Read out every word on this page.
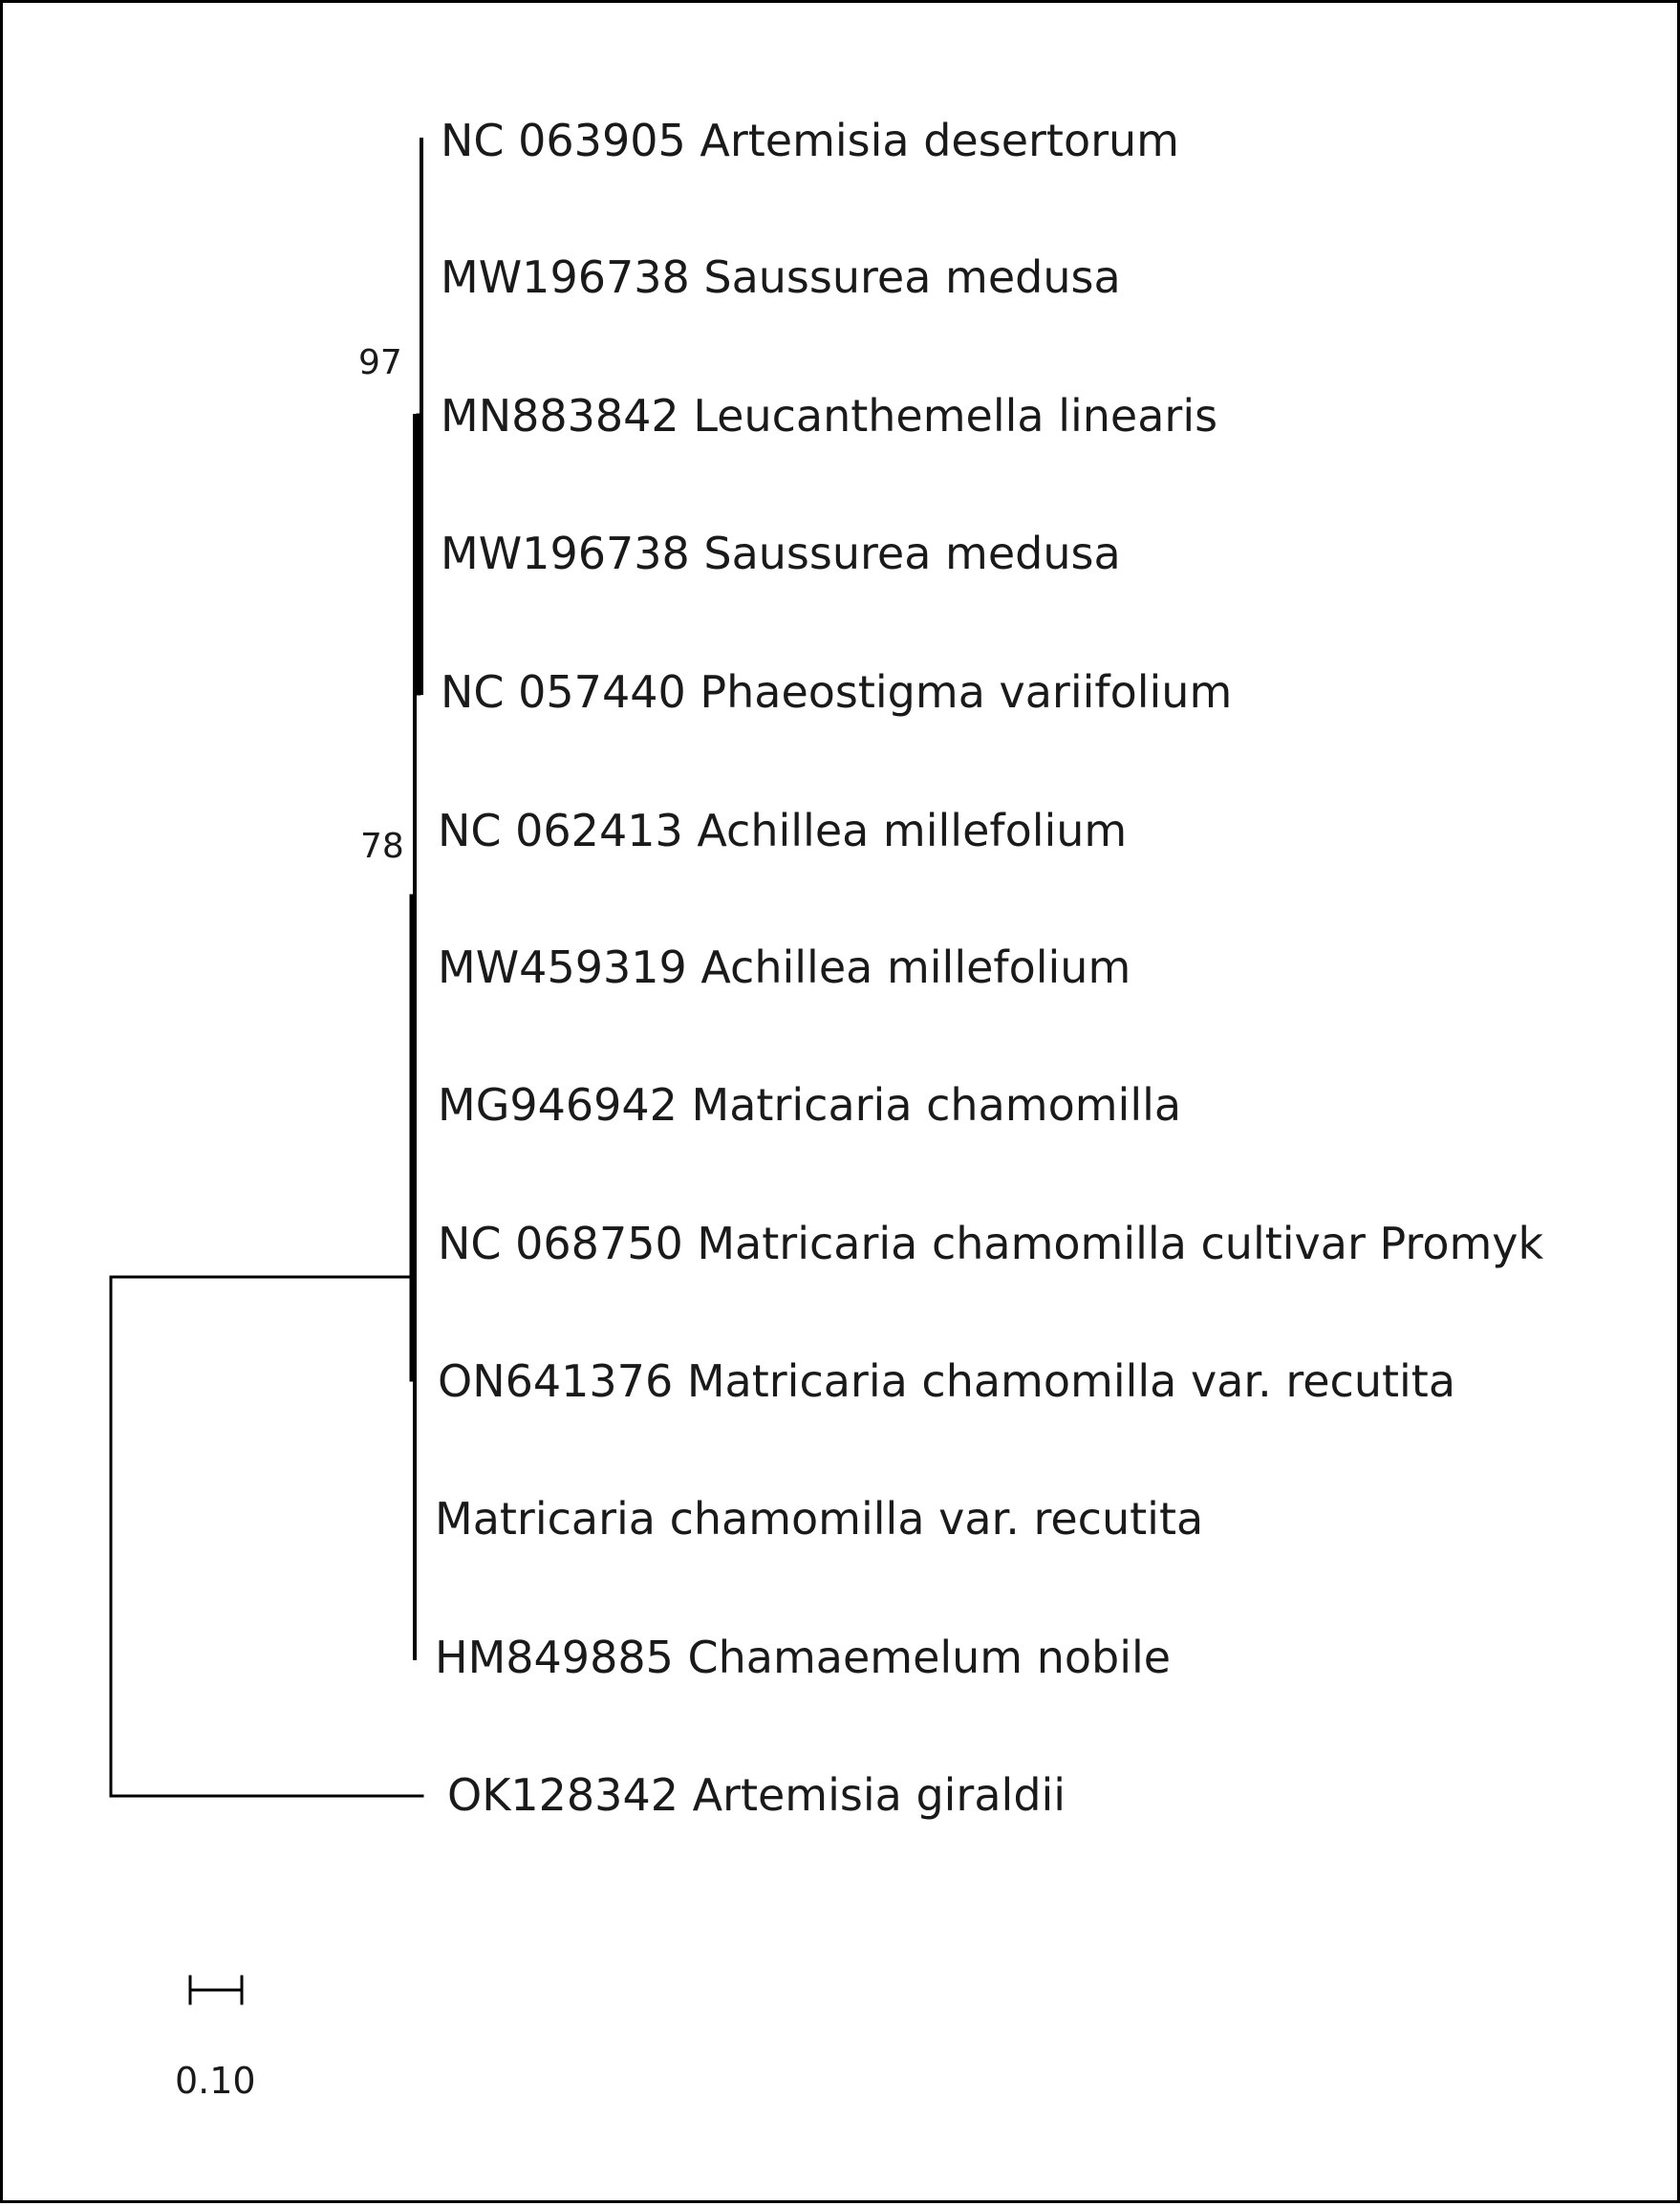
NC 063905 Artemisia desertorum
MW196738 Saussurea medusa
MN883842 Leucanthemella linearis
MW196738 Saussurea medusa
NC 057440 Phaeostigma variifolium
NC 062413 Achillea millefolium
MW459319 Achillea millefolium
MG946942 Matricaria chamomilla
NC 068750 Matricaria chamomilla cultivar Promyk
ON641376 Matricaria chamomilla var. recutita
Matricaria chamomilla var. recutita
HM849885 Chamaemelum nobile
OK128342 Artemisia giraldii
97
78
0.10
